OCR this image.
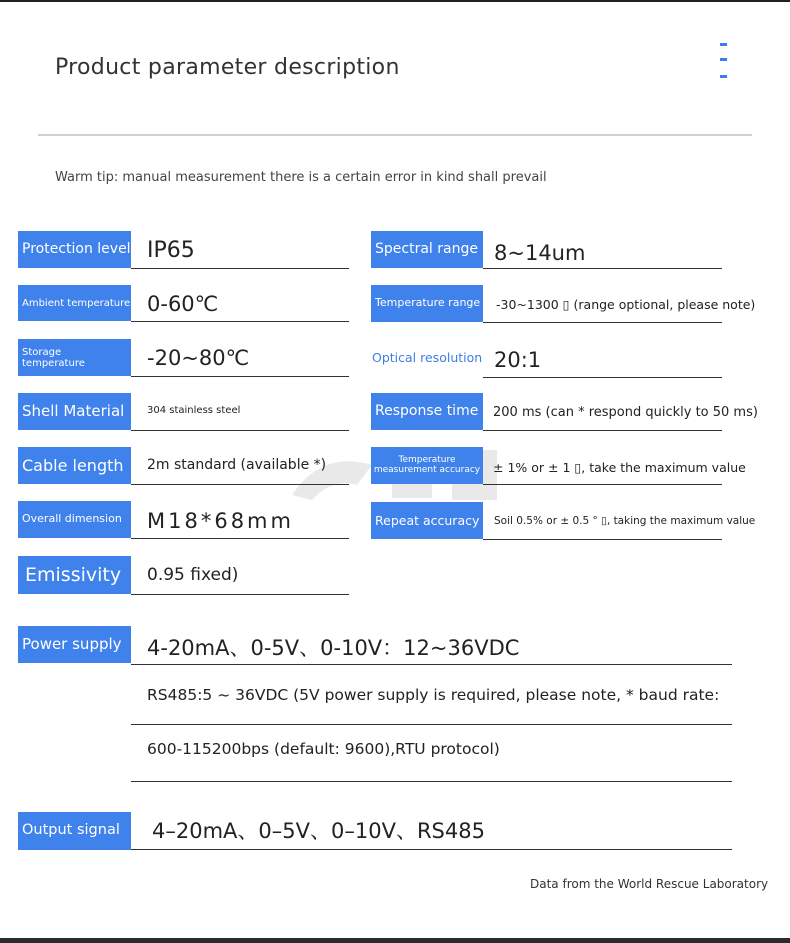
Product parameter description
Warm tip: manual measurement there is a certain error in kind shall prevail
Protection level IP65
Ambient temperature 0-60℃
Storage temperature	-20~80℃
Shell Material	304 stainless steel
Cable length	2m standard (available *)
Overall dimension	M18*68mm
Emissivity	0.95 fixed)
Spectral range 8~14um
Temperature range -30~1300 ▯ (range optional, please note)
Optical resolution 20:1
Response time	200 ms (can * respond quickly to 50 ms)
Temperature measurement accuracy ± 1% or ± 1 ▯, take the maximum value
Repeat accuracy	Soil 0.5% or ± 0.5 ° ▯, taking the maximum value
Power supply	4-20mA、0-5V、0-10V：12~36VDC
RS485:5 ~ 36VDC (5V power supply is required, please note, * baud rate:
600-115200bps (default: 9600),RTU protocol)
Output signal	4–20mA、0–5V、0–10V、RS485
Data from the World Rescue Laboratory
